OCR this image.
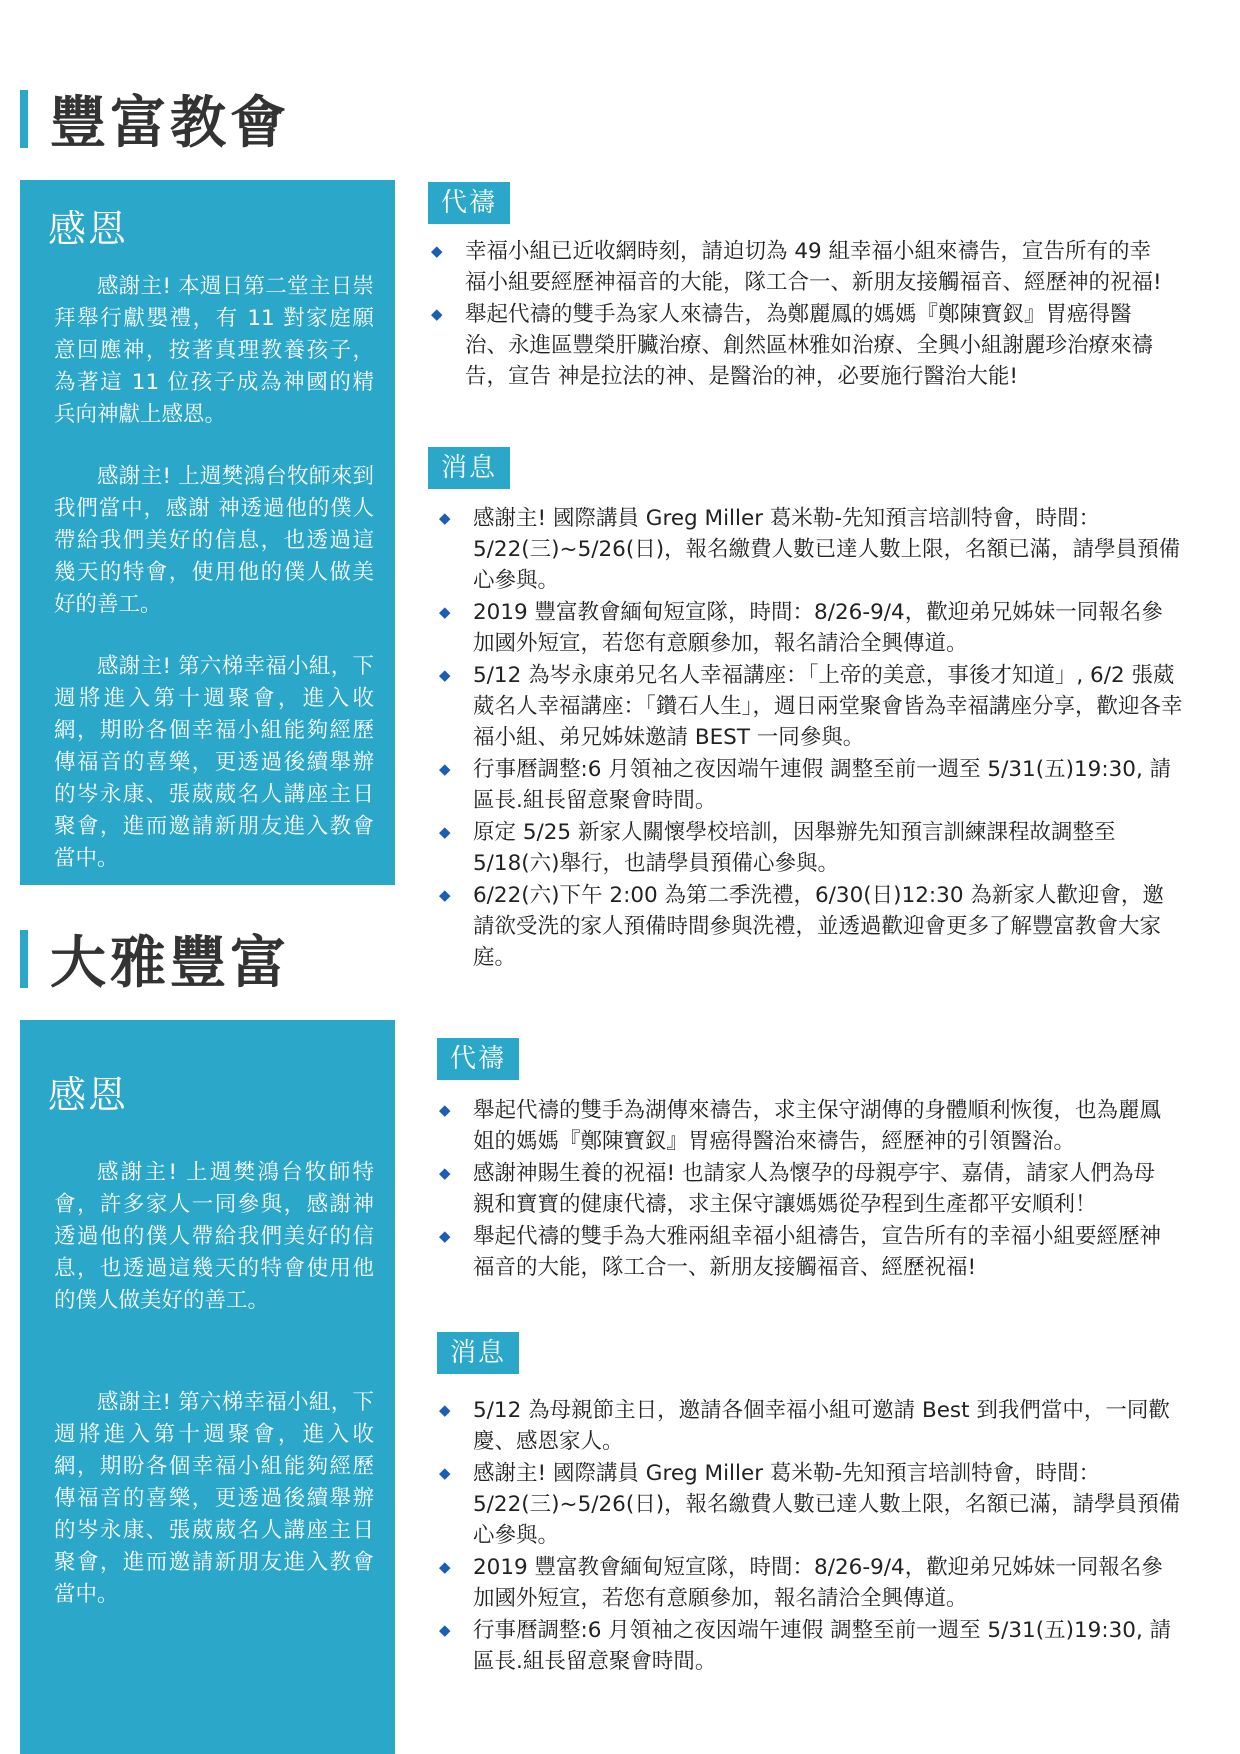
豐富教會
感恩

感謝主! 本週日第二堂主日崇拜舉行獻嬰禮，有 11 對家庭願意回應神，按著真理教養孩子，為著這 11 位孩子成為神國的精兵向神獻上感恩。

感謝主! 上週樊鴻台牧師來到我們當中，感謝 神透過他的僕人帶給我們美好的信息，也透過這幾天的特會，使用他的僕人做美好的善工。

感謝主! 第六梯幸福小組，下週將進入第十週聚會，進入收網，期盼各個幸福小組能夠經歷傳福音的喜樂，更透過後續舉辦的岑永康、張葳葳名人講座主日聚會，進而邀請新朋友進入教會當中。

代禱
◆ 幸福小組已近收網時刻，請迫切為 49 組幸福小組來禱告，宣告所有的幸福小組要經歷神福音的大能，隊工合一、新朋友接觸福音、經歷神的祝福!
◆ 舉起代禱的雙手為家人來禱告，為鄭麗鳳的媽媽『鄭陳寶釵』胃癌得醫治、永進區豐榮肝臟治療、創然區林雅如治療、全興小組謝麗珍治療來禱告，宣告 神是拉法的神、是醫治的神，必要施行醫治大能!
消息
◆ 感謝主! 國際講員 Greg Miller 葛米勒-先知預言培訓特會，時間：5/22(三)~5/26(日)，報名繳費人數已達人數上限，名額已滿，請學員預備心參與。
◆ 2019 豐富教會緬甸短宣隊，時間：8/26-9/4，歡迎弟兄姊妹一同報名參加國外短宣，若您有意願參加，報名請洽全興傳道。
◆ 5/12 為岑永康弟兄名人幸福講座：「上帝的美意，事後才知道」, 6/2 張葳葳名人幸福講座：「鑽石人生」，週日兩堂聚會皆為幸福講座分享，歡迎各幸福小組、弟兄姊妹邀請 BEST 一同參與。
◆ 行事曆調整:6 月領袖之夜因端午連假 調整至前一週至 5/31(五)19:30, 請區長.組長留意聚會時間。
◆ 原定 5/25 新家人關懷學校培訓，因舉辦先知預言訓練課程故調整至 5/18(六)舉行，也請學員預備心參與。
◆ 6/22(六)下午 2:00 為第二季洗禮，6/30(日)12:30 為新家人歡迎會，邀請欲受洗的家人預備時間參與洗禮，並透過歡迎會更多了解豐富教會大家庭。
大雅豐富
感恩

感謝主! 上週樊鴻台牧師特會，許多家人一同參與，感謝神透過他的僕人帶給我們美好的信息，也透過這幾天的特會使用他的僕人做美好的善工。

感謝主! 第六梯幸福小組，下週將進入第十週聚會，進入收網，期盼各個幸福小組能夠經歷傳福音的喜樂，更透過後續舉辦的岑永康、張葳葳名人講座主日聚會，進而邀請新朋友進入教會當中。

代禱
◆ 舉起代禱的雙手為湖傳來禱告，求主保守湖傳的身體順利恢復，也為麗鳳姐的媽媽『鄭陳寶釵』胃癌得醫治來禱告，經歷神的引領醫治。
◆ 感謝神賜生養的祝福! 也請家人為懷孕的母親亭宇、嘉倩，請家人們為母親和寶寶的健康代禱，求主保守讓媽媽從孕程到生產都平安順利！
◆ 舉起代禱的雙手為大雅兩組幸福小組禱告，宣告所有的幸福小組要經歷神福音的大能，隊工合一、新朋友接觸福音、經歷祝福!
消息
◆ 5/12 為母親節主日，邀請各個幸福小組可邀請 Best 到我們當中，一同歡慶、感恩家人。
◆ 感謝主! 國際講員 Greg Miller 葛米勒-先知預言培訓特會，時間：5/22(三)~5/26(日)，報名繳費人數已達人數上限，名額已滿，請學員預備心參與。
◆ 2019 豐富教會緬甸短宣隊，時間：8/26-9/4，歡迎弟兄姊妹一同報名參加國外短宣，若您有意願參加，報名請洽全興傳道。
◆ 行事曆調整:6 月領袖之夜因端午連假 調整至前一週至 5/31(五)19:30, 請區長.組長留意聚會時間。
